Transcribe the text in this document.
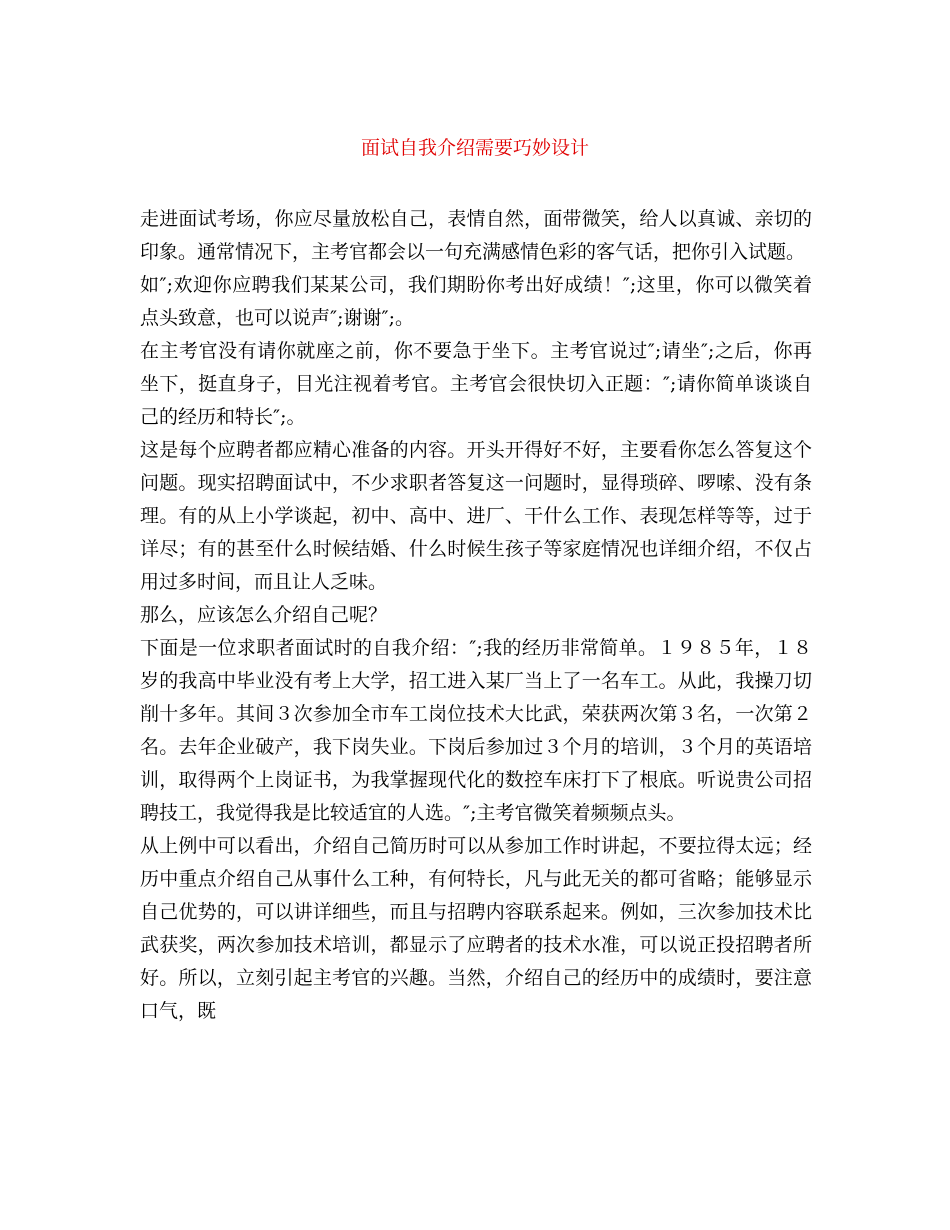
面试自我介绍需要巧妙设计

走进面试考场，你应尽量放松自己，表情自然，面带微笑，给人以真诚、亲切的印象。通常情况下，主考官都会以一句充满感情色彩的客气话，把你引入试题。

如″;欢迎你应聘我们某某公司，我们期盼你考出好成绩！″;这里，你可以微笑着点头致意，也可以说声″;谢谢″;。

在主考官没有请你就座之前，你不要急于坐下。主考官说过″;请坐″;之后，你再坐下，挺直身子，目光注视着考官。主考官会很快切入正题：″;请你简单谈谈自己的经历和特长″;。

这是每个应聘者都应精心准备的内容。开头开得好不好，主要看你怎么答复这个问题。现实招聘面试中，不少求职者答复这一问题时，显得琐碎、啰嗦、没有条理。有的从上小学谈起，初中、高中、进厂、干什么工作、表现怎样等等，过于详尽；有的甚至什么时候结婚、什么时候生孩子等家庭情况也详细介绍，不仅占用过多时间，而且让人乏味。

那么，应该怎么介绍自己呢？

下面是一位求职者面试时的自我介绍：″;我的经历非常简单。１９８５年，１８岁的我高中毕业没有考上大学，招工进入某厂当上了一名车工。从此，我操刀切削十多年。其间３次参加全市车工岗位技术大比武，荣获两次第３名，一次第２名。去年企业破产，我下岗失业。下岗后参加过３个月的培训，３个月的英语培训，取得两个上岗证书，为我掌握现代化的数控车床打下了根底。听说贵公司招聘技工，我觉得我是比较适宜的人选。″;主考官微笑着频频点头。

从上例中可以看出，介绍自己简历时可以从参加工作时讲起，不要拉得太远；经历中重点介绍自己从事什么工种，有何特长，凡与此无关的都可省略；能够显示自己优势的，可以讲详细些，而且与招聘内容联系起来。例如，三次参加技术比武获奖，两次参加技术培训，都显示了应聘者的技术水准，可以说正投招聘者所好。所以，立刻引起主考官的兴趣。当然，介绍自己的经历中的成绩时，要注意口气，既
